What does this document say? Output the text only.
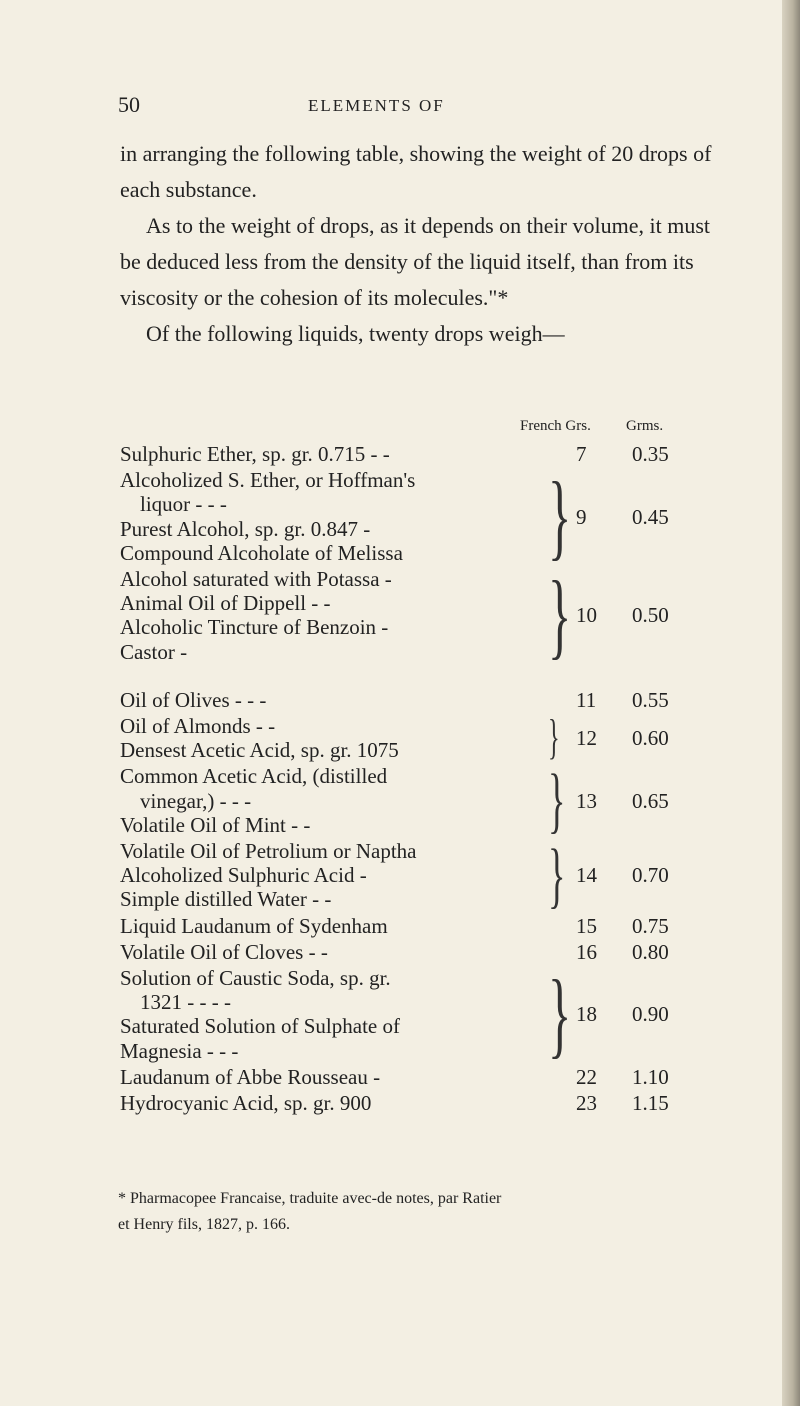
50	ELEMENTS OF

in arranging the following table, showing the weight of 20 drops of each substance.

As to the weight of drops, as it depends on their volume, it must be deduced less from the density of the liquid itself, than from its viscosity or the cohesion of its molecules."*

Of the following liquids, twenty drops weigh—

French Grs. Grms.
Sulphuric Ether, sp. gr. 0.715 - -	7 0.35
Alcoholized S. Ether, or Hoffman's
liquor - - -
Purest Alcohol, sp. gr. 0.847 -
Compound Alcoholate of Melissa } 9 0.45
Alcohol saturated with Potassa -
Animal Oil of Dippell - -
Alcoholic Tincture of Benzoin -
Castor -	} 10 0.50
Oil of Olives - - -	11 0.55
Oil of Almonds - -
Densest Acetic Acid, sp. gr. 1075	} 12 0.60
Common Acetic Acid, (distilled
vinegar,) - - -
Volatile Oil of Mint - -	} 13 0.65
Volatile Oil of Petrolium or Naptha
Alcoholized Sulphuric Acid -
Simple distilled Water - -	} 14 0.70
Liquid Laudanum of Sydenham	15 0.75
Volatile Oil of Cloves - -	16 0.80
Solution of Caustic Soda, sp. gr.
1321 - - - -
Saturated Solution of Sulphate of
Magnesia - - -	} 18 0.90
Laudanum of Abbe Rousseau -	22 1.10
Hydrocyanic Acid, sp. gr. 900	23 1.15
* Pharmacopee Francaise, traduite avec-de notes, par Ratier
et Henry fils, 1827, p. 166.
